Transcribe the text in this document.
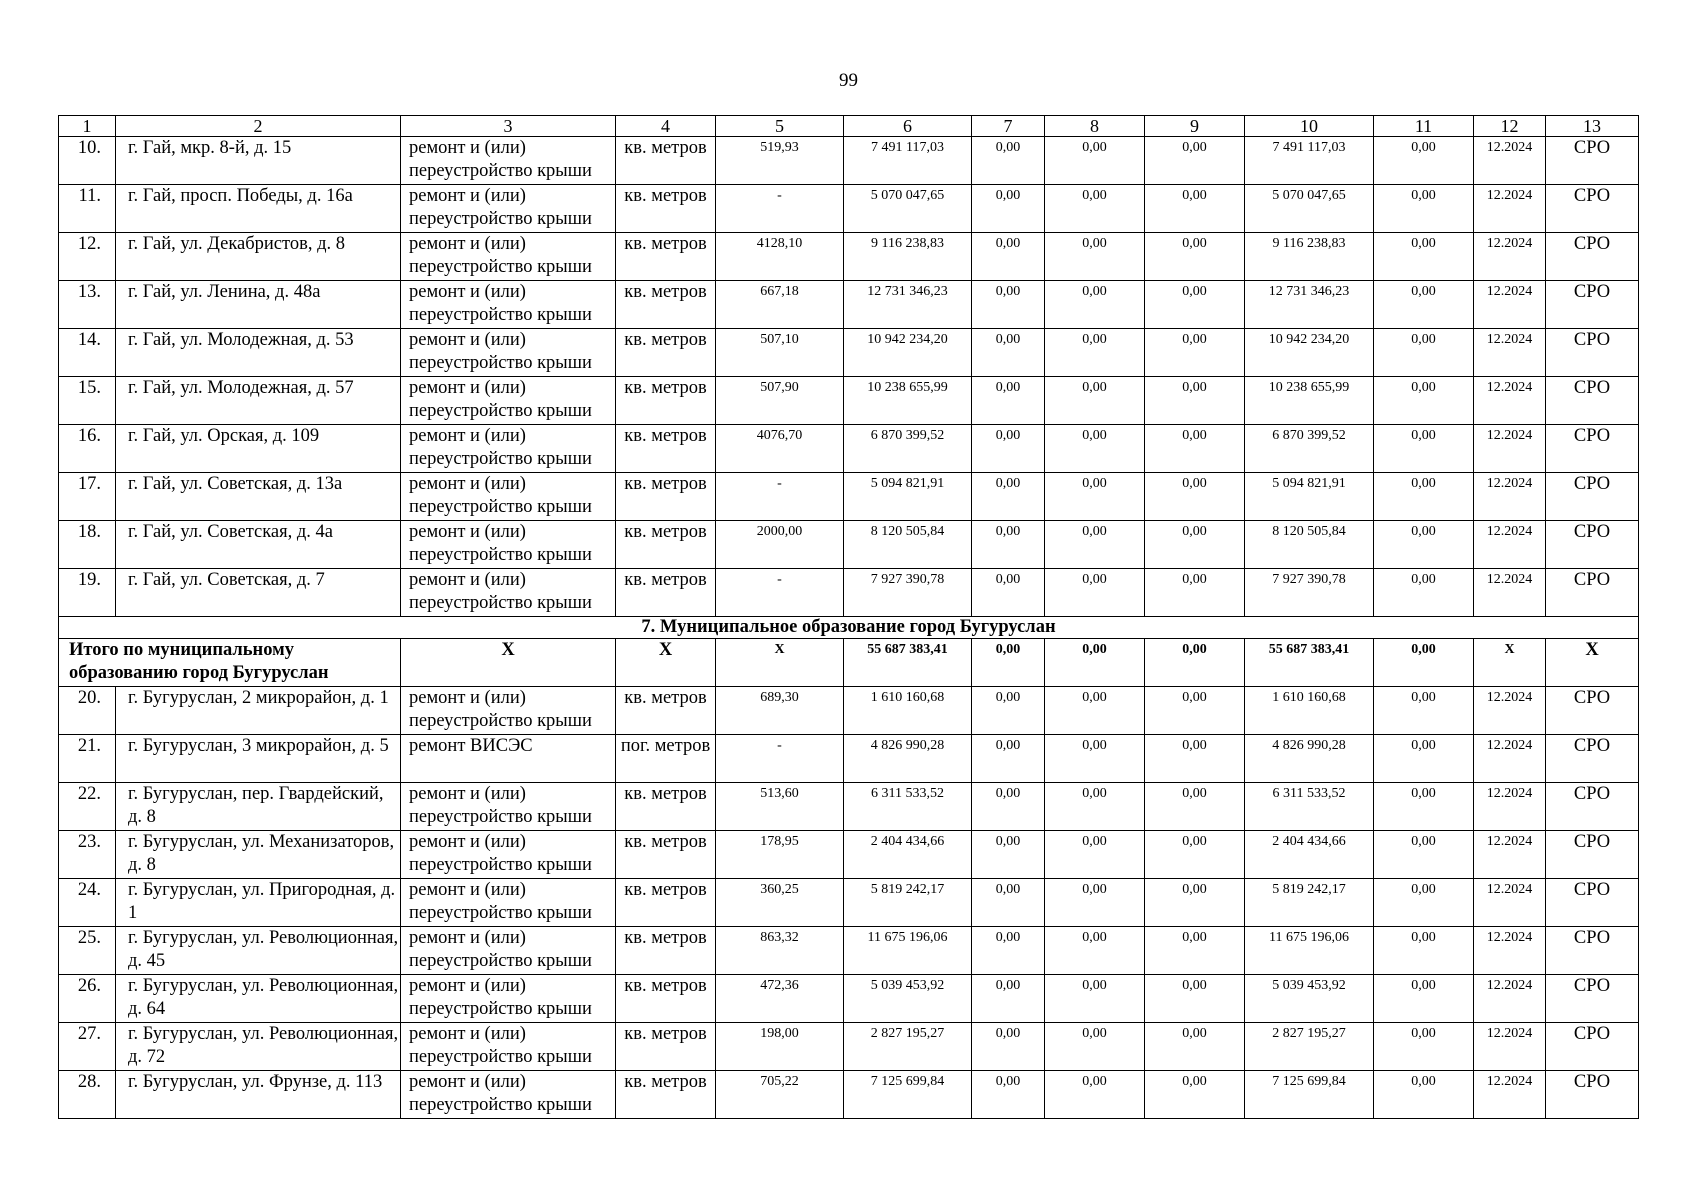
99
1	2	3	4	5	6	7	8	9	10	11	12	13
10.	г. Гай, мкр. 8-й, д. 15	ремонт и (или) переустройство крыши	кв. метров	519,93	7 491 117,03	0,00	0,00	0,00	7 491 117,03	0,00	12.2024	СРО
11.	г. Гай, просп. Победы, д. 16а	ремонт и (или) переустройство крыши	кв. метров	-	5 070 047,65	0,00	0,00	0,00	5 070 047,65	0,00	12.2024	СРО
12.	г. Гай, ул. Декабристов, д. 8	ремонт и (или) переустройство крыши	кв. метров	4128,10	9 116 238,83	0,00	0,00	0,00	9 116 238,83	0,00	12.2024	СРО
13.	г. Гай, ул. Ленина, д. 48а	ремонт и (или) переустройство крыши	кв. метров	667,18	12 731 346,23	0,00	0,00	0,00	12 731 346,23	0,00	12.2024	СРО
14.	г. Гай, ул. Молодежная, д. 53	ремонт и (или) переустройство крыши	кв. метров	507,10	10 942 234,20	0,00	0,00	0,00	10 942 234,20	0,00	12.2024	СРО
15.	г. Гай, ул. Молодежная, д. 57	ремонт и (или) переустройство крыши	кв. метров	507,90	10 238 655,99	0,00	0,00	0,00	10 238 655,99	0,00	12.2024	СРО
16.	г. Гай, ул. Орская, д. 109	ремонт и (или) переустройство крыши	кв. метров	4076,70	6 870 399,52	0,00	0,00	0,00	6 870 399,52	0,00	12.2024	СРО
17.	г. Гай, ул. Советская, д. 13а	ремонт и (или) переустройство крыши	кв. метров	-	5 094 821,91	0,00	0,00	0,00	5 094 821,91	0,00	12.2024	СРО
18.	г. Гай, ул. Советская, д. 4а	ремонт и (или) переустройство крыши	кв. метров	2000,00	8 120 505,84	0,00	0,00	0,00	8 120 505,84	0,00	12.2024	СРО
19.	г. Гай, ул. Советская, д. 7	ремонт и (или) переустройство крыши	кв. метров	-	7 927 390,78	0,00	0,00	0,00	7 927 390,78	0,00	12.2024	СРО
7. Муниципальное образование город Бугуруслан												
Итого по муниципальному образованию город Бугуруслан		Х	Х	Х	55 687 383,41	0,00	0,00	0,00	55 687 383,41	0,00	Х	Х
20.	г. Бугуруслан, 2 микрорайон, д. 1	ремонт и (или) переустройство крыши	кв. метров	689,30	1 610 160,68	0,00	0,00	0,00	1 610 160,68	0,00	12.2024	СРО
21.	г. Бугуруслан, 3 микрорайон, д. 5	ремонт ВИСЭС	пог. метров	-	4 826 990,28	0,00	0,00	0,00	4 826 990,28	0,00	12.2024	СРО
22.	г. Бугуруслан, пер. Гвардейский, д. 8	ремонт и (или) переустройство крыши	кв. метров	513,60	6 311 533,52	0,00	0,00	0,00	6 311 533,52	0,00	12.2024	СРО
23.	г. Бугуруслан, ул. Механизаторов, д. 8	ремонт и (или) переустройство крыши	кв. метров	178,95	2 404 434,66	0,00	0,00	0,00	2 404 434,66	0,00	12.2024	СРО
24.	г. Бугуруслан, ул. Пригородная, д. 1	ремонт и (или) переустройство крыши	кв. метров	360,25	5 819 242,17	0,00	0,00	0,00	5 819 242,17	0,00	12.2024	СРО
25.	г. Бугуруслан, ул. Революционная, д. 45	ремонт и (или) переустройство крыши	кв. метров	863,32	11 675 196,06	0,00	0,00	0,00	11 675 196,06	0,00	12.2024	СРО
26.	г. Бугуруслан, ул. Революционная, д. 64	ремонт и (или) переустройство крыши	кв. метров	472,36	5 039 453,92	0,00	0,00	0,00	5 039 453,92	0,00	12.2024	СРО
27.	г. Бугуруслан, ул. Революционная, д. 72	ремонт и (или) переустройство крыши	кв. метров	198,00	2 827 195,27	0,00	0,00	0,00	2 827 195,27	0,00	12.2024	СРО
28.	г. Бугуруслан, ул. Фрунзе, д. 113	ремонт и (или) переустройство крыши	кв. метров	705,22	7 125 699,84	0,00	0,00	0,00	7 125 699,84	0,00	12.2024	СРО
